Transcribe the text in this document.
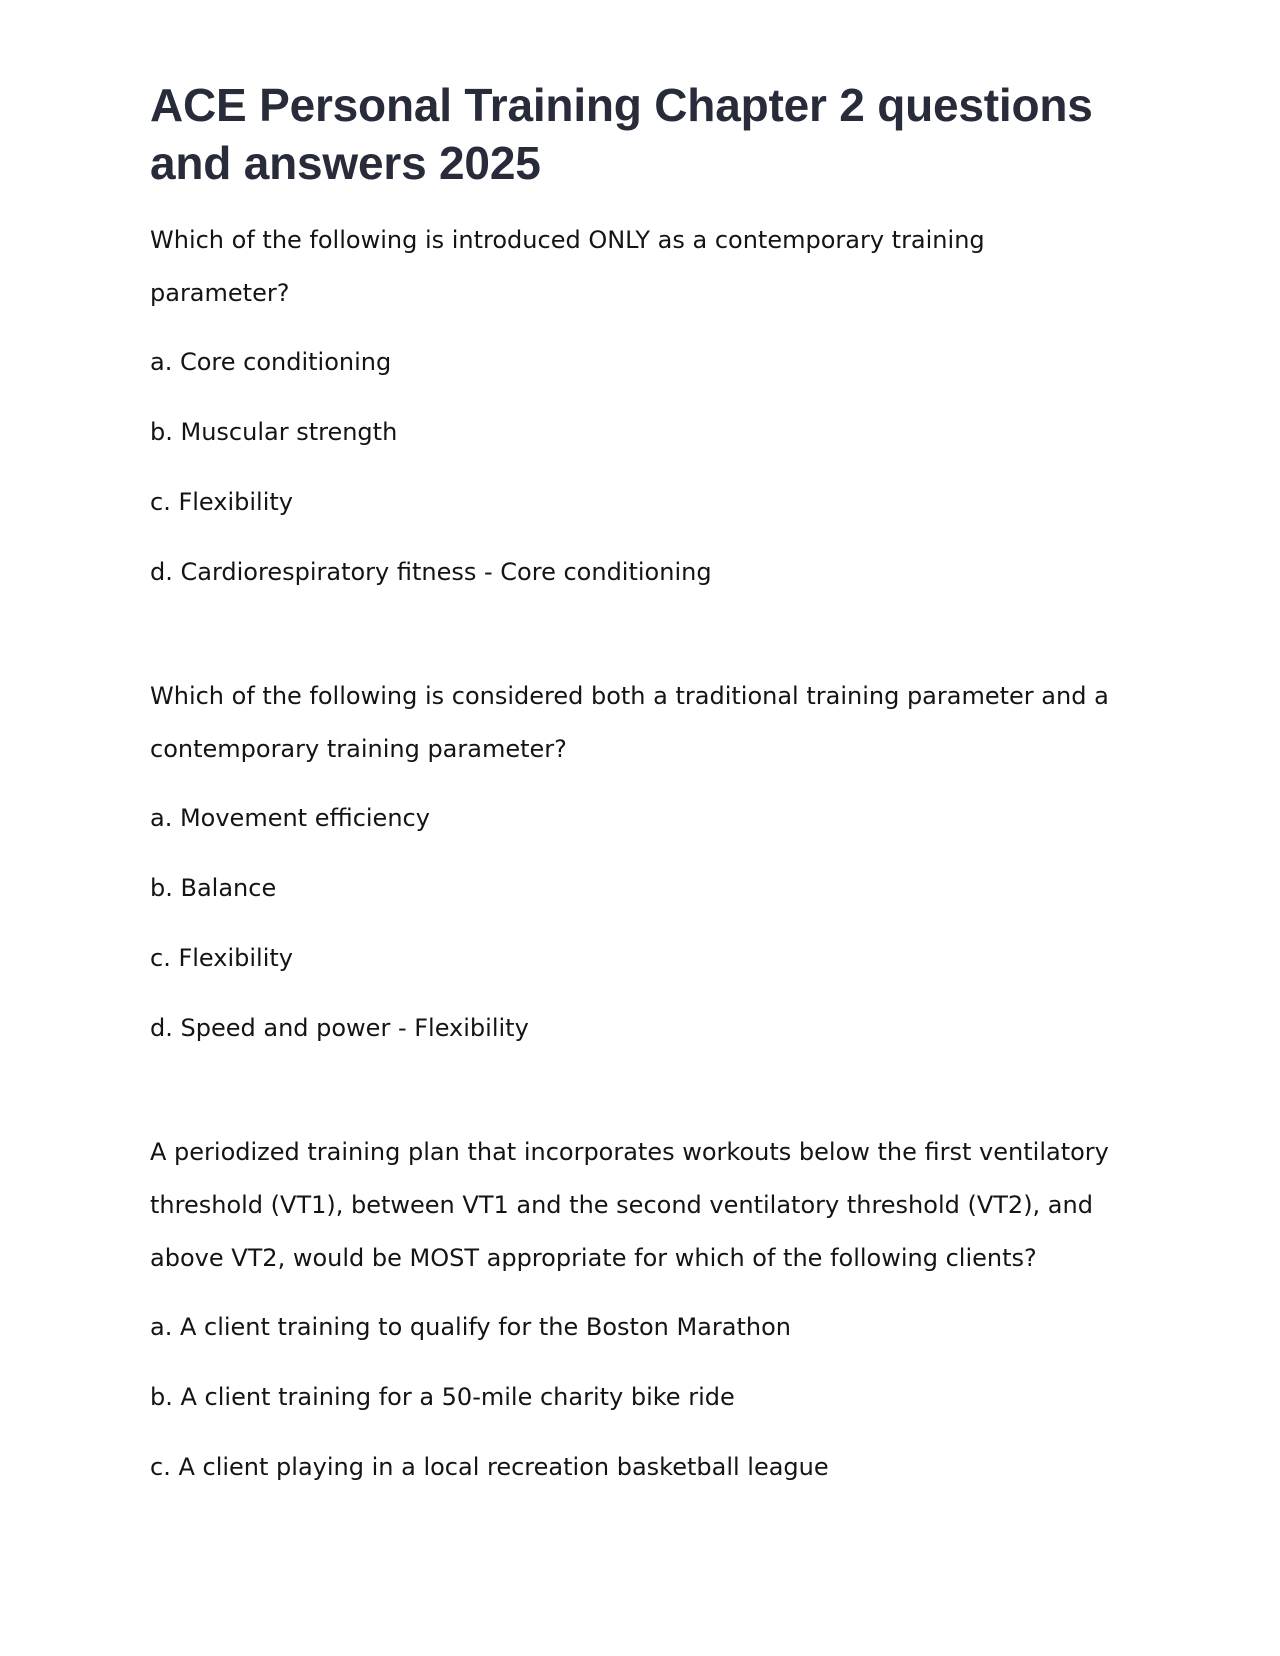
ACE Personal Training Chapter 2 questions and answers 2025

Which of the following is introduced ONLY as a contemporary training parameter?

a. Core conditioning

b. Muscular strength

c. Flexibility

d. Cardiorespiratory fitness - Core conditioning

Which of the following is considered both a traditional training parameter and a contemporary training parameter?

a. Movement efficiency

b. Balance

c. Flexibility

d. Speed and power - Flexibility

A periodized training plan that incorporates workouts below the first ventilatory threshold (VT1), between VT1 and the second ventilatory threshold (VT2), and above VT2, would be MOST appropriate for which of the following clients?

a. A client training to qualify for the Boston Marathon

b. A client training for a 50-mile charity bike ride

c. A client playing in a local recreation basketball league
